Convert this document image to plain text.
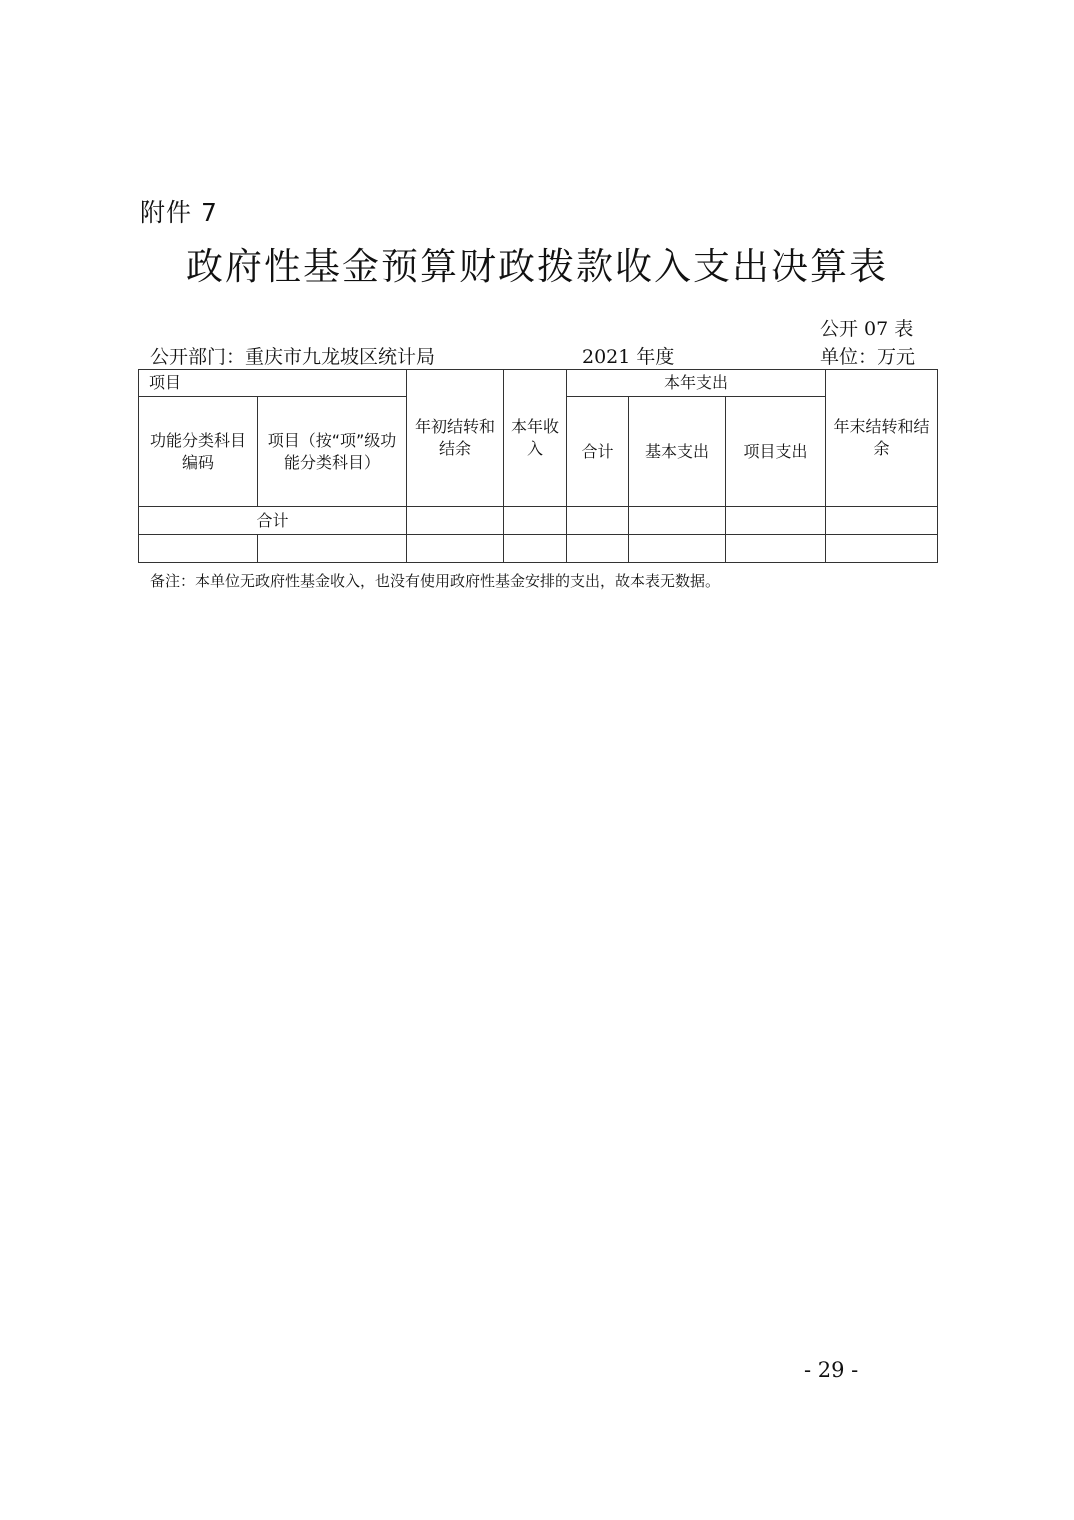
附件 7
政府性基金预算财政拨款收入支出决算表
公开 07 表
公开部门：重庆市九龙坡区统计局	2021 年度	单位：万元
项目		年初结转和结余	本年收入	本年支出			年末结转和结余
功能分类科目编码	项目（按“项”级功能分类科目）			合计	基本支出	项目支出	
合计							

备注：本单位无政府性基金收入，也没有使用政府性基金安排的支出，故本表无数据。
- 29 -
